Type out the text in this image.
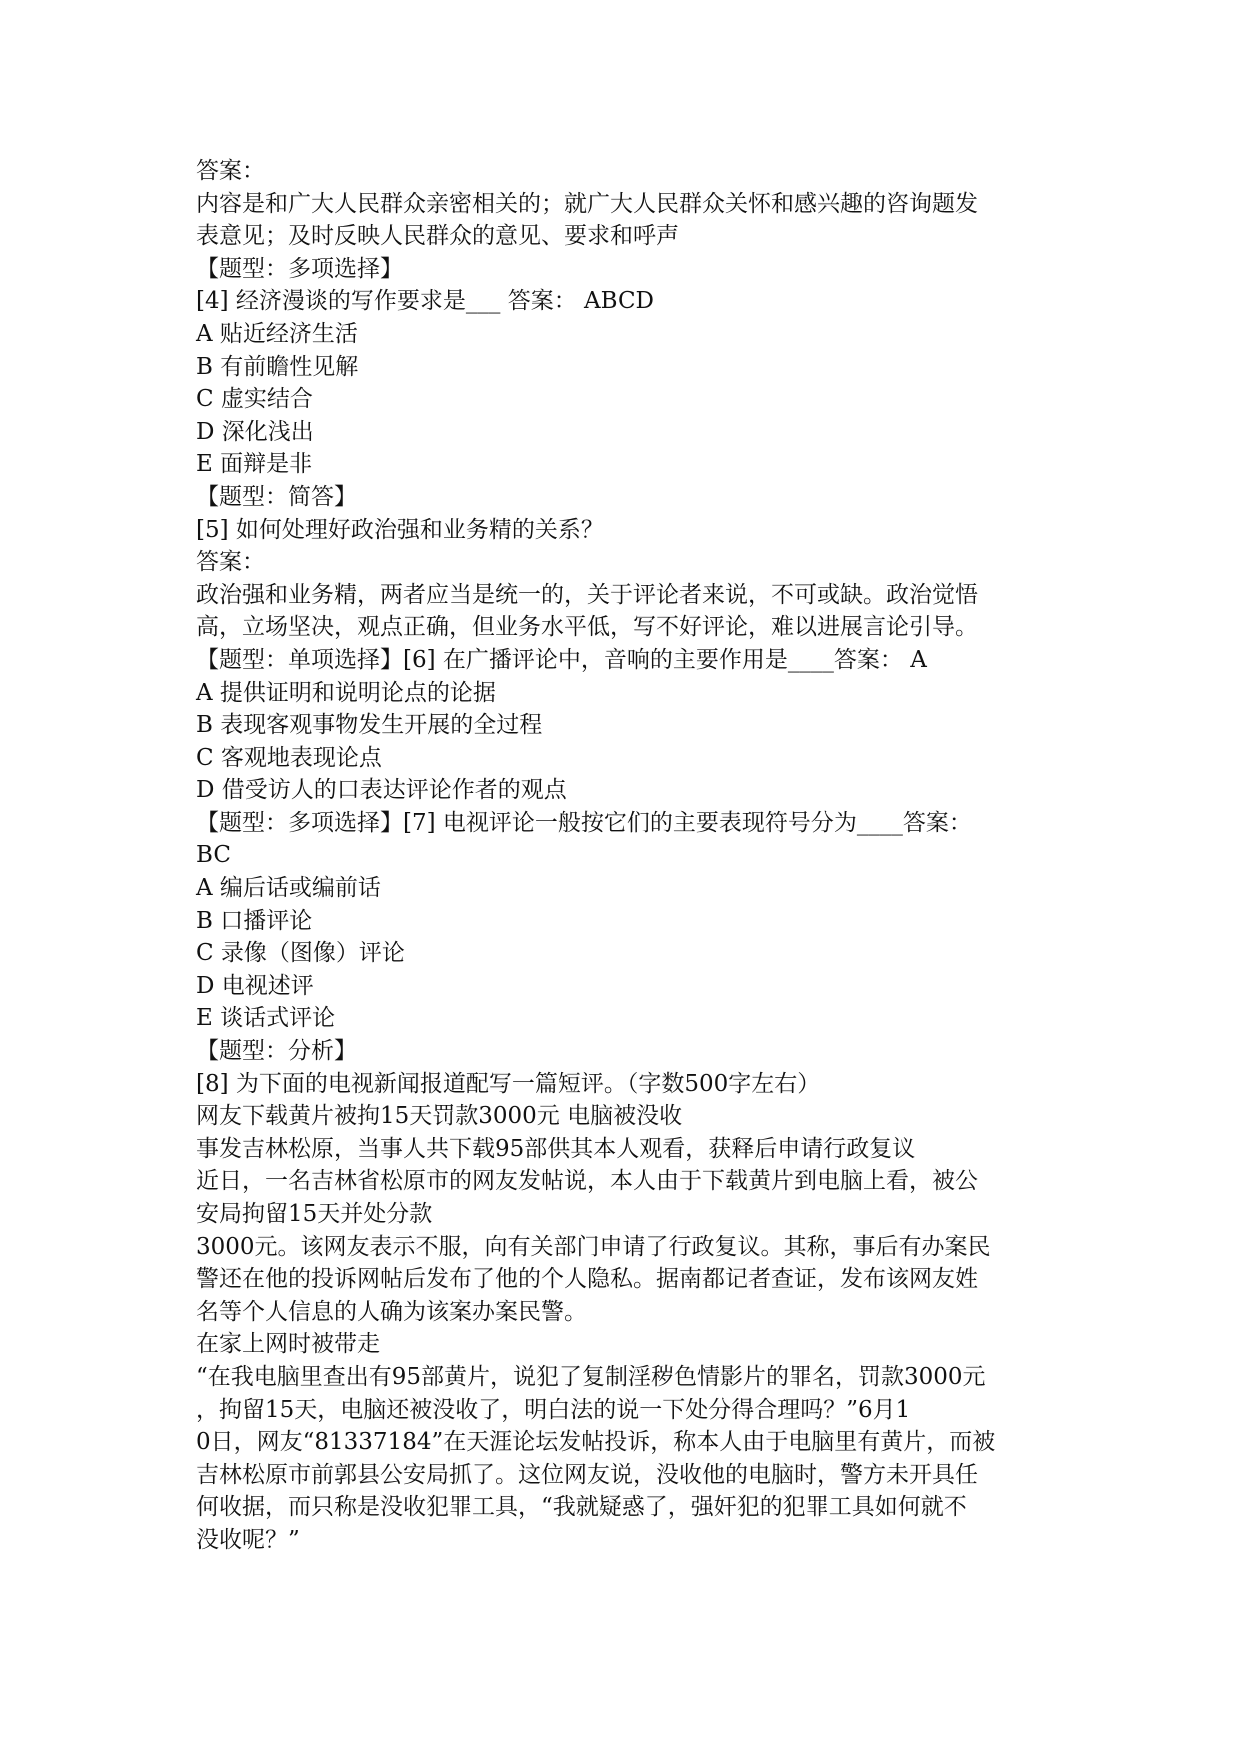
答案：
内容是和广大人民群众亲密相关的；就广大人民群众关怀和感兴趣的咨询题发
表意见；及时反映人民群众的意见、要求和呼声
【题型：多项选择】
[4] 经济漫谈的写作要求是___ 答案： ABCD
A 贴近经济生活
B 有前瞻性见解
C 虚实结合
D 深化浅出
E 面辩是非
【题型：简答】
[5] 如何处理好政治强和业务精的关系？
答案：
政治强和业务精，两者应当是统一的，关于评论者来说，不可或缺。政治觉悟
高，立场坚决，观点正确，但业务水平低，写不好评论，难以进展言论引导。
【题型：单项选择】[6] 在广播评论中，音响的主要作用是____答案： A
A 提供证明和说明论点的论据
B 表现客观事物发生开展的全过程
C 客观地表现论点
D 借受访人的口表达评论作者的观点
【题型：多项选择】[7] 电视评论一般按它们的主要表现符号分为____答案：
BC
A 编后话或编前话
B 口播评论
C 录像（图像）评论
D 电视述评
E 谈话式评论
【题型：分析】
[8] 为下面的电视新闻报道配写一篇短评。（字数500字左右）
网友下载黄片被拘15天罚款3000元 电脑被没收
事发吉林松原，当事人共下载95部供其本人观看，获释后申请行政复议
近日，一名吉林省松原市的网友发帖说，本人由于下载黄片到电脑上看，被公
安局拘留15天并处分款
3000元。该网友表示不服，向有关部门申请了行政复议。其称，事后有办案民
警还在他的投诉网帖后发布了他的个人隐私。据南都记者查证，发布该网友姓
名等个人信息的人确为该案办案民警。
在家上网时被带走
“在我电脑里查出有95部黄片，说犯了复制淫秽色情影片的罪名，罚款3000元
，拘留15天，电脑还被没收了，明白法的说一下处分得合理吗？”6月1
0日，网友“81337184”在天涯论坛发帖投诉，称本人由于电脑里有黄片，而被
吉林松原市前郭县公安局抓了。这位网友说，没收他的电脑时，警方未开具任
何收据，而只称是没收犯罪工具，“我就疑惑了，强奸犯的犯罪工具如何就不
没收呢？”
